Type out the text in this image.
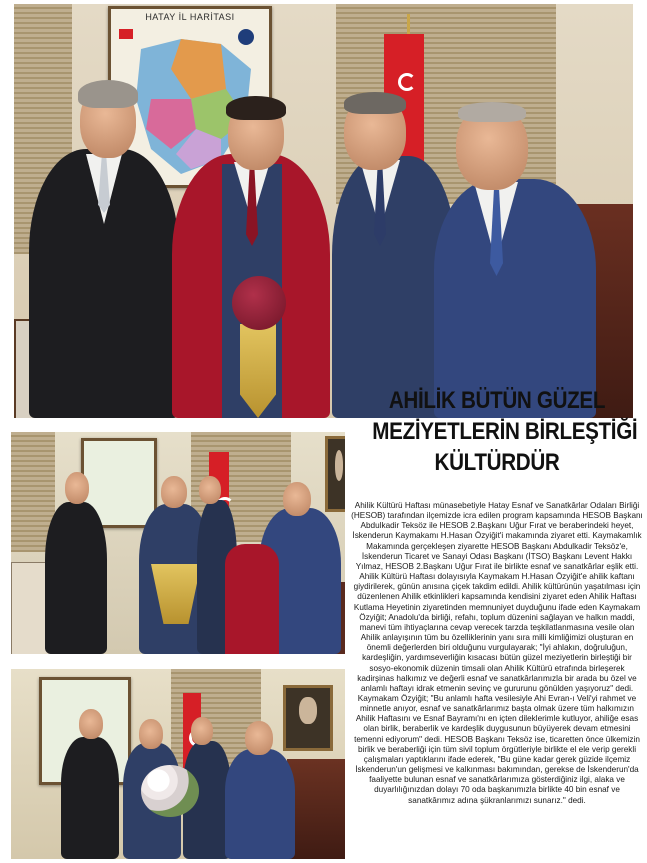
HATAY İL HARİTASI
AHİLİK BÜTÜN GÜZEL
MEZİYETLERİN BİRLEŞTİĞİ
KÜLTÜRDÜR

Ahilik Kültürü Haftası münasebetiyle Hatay Esnaf ve Sanatkârlar Odaları Birliği (HESOB) tarafından ilçemizde icra edilen program kapsamında HESOB Başkanı Abdulkadir Teksöz ile HESOB 2.Başkanı Uğur Fırat ve beraberindeki heyet, İskenderun Kaymakamı H.Hasan Özyiğit'i makamında ziyaret etti. Kaymakamlık Makamında gerçekleşen ziyarette HESOB Başkanı Abdulkadir Teksöz'e, İskenderun Ticaret ve Sanayi Odası Başkanı (İTSO) Başkanı Levent Hakkı Yılmaz, HESOB 2.Başkanı Uğur Fırat ile birlikte esnaf ve sanatkârlar eşlik etti. Ahilik Kültürü Haftası dolayısıyla Kaymakam H.Hasan Özyiğit'e ahilik kaftanı giydirilerek, günün anısına çiçek takdim edildi. Ahilik kültürünün yaşatılması için düzenlenen Ahilik etkinlikleri kapsamında kendisini ziyaret eden Ahilik Haftası Kutlama Heyetinin ziyaretinden memnuniyet duyduğunu ifade eden Kaymakam Özyiğit; Anadolu'da birliği, refahı, toplum düzenini sağlayan ve halkın maddi, manevi tüm ihtiyaçlarına cevap verecek tarzda teşkilatlanmasına vesile olan Ahilik anlayışının tüm bu özelliklerinin yanı sıra milli kimliğimizi oluşturan en önemli değerlerden biri olduğunu vurgulayarak; "İyi ahlakın, doğruluğun, kardeşliğin, yardımseverliğin kısacası bütün güzel meziyetlerin birleştiği bir sosyo-ekonomik düzenin timsali olan Ahilik Kültürü etrafında birleşerek kadirşinas halkımız ve değerli esnaf ve sanatkârlarımızla bir arada bu özel ve anlamlı haftayı idrak etmenin sevinç ve gururunu gönülden yaşıyoruz" dedi. Kaymakam Özyiğit; "Bu anlamlı hafta vesilesiyle Ahi Evran-ı Veli'yi rahmet ve minnetle anıyor, esnaf ve sanatkârlarımız başta olmak üzere tüm halkımızın Ahilik Haftasını ve Esnaf Bayramı'nı en içten dileklerimle kutluyor, ahiliğe esas olan birlik, beraberlik ve kardeşlik duygusunun büyüyerek devam etmesini temenni ediyorum" dedi. HESOB Başkanı Teksöz ise, ticaretten önce ülkemizin birlik ve beraberliği için tüm sivil toplum örgütleriyle birlikte el ele verip gerekli çalışmaları yaptıklarını ifade ederek, "Bu güne kadar gerek güzide ilçemiz İskenderun'un gelişmesi ve kalkınması bakımından, gerekse de İskenderun'da faaliyette bulunan esnaf ve sanatkârlarımıza gösterdiğiniz ilgi, alaka ve duyarlılığınızdan dolayı 70 oda başkanımızla birlikte 40 bin esnaf ve sanatkârımız adına şükranlarımızı sunarız." dedi.
